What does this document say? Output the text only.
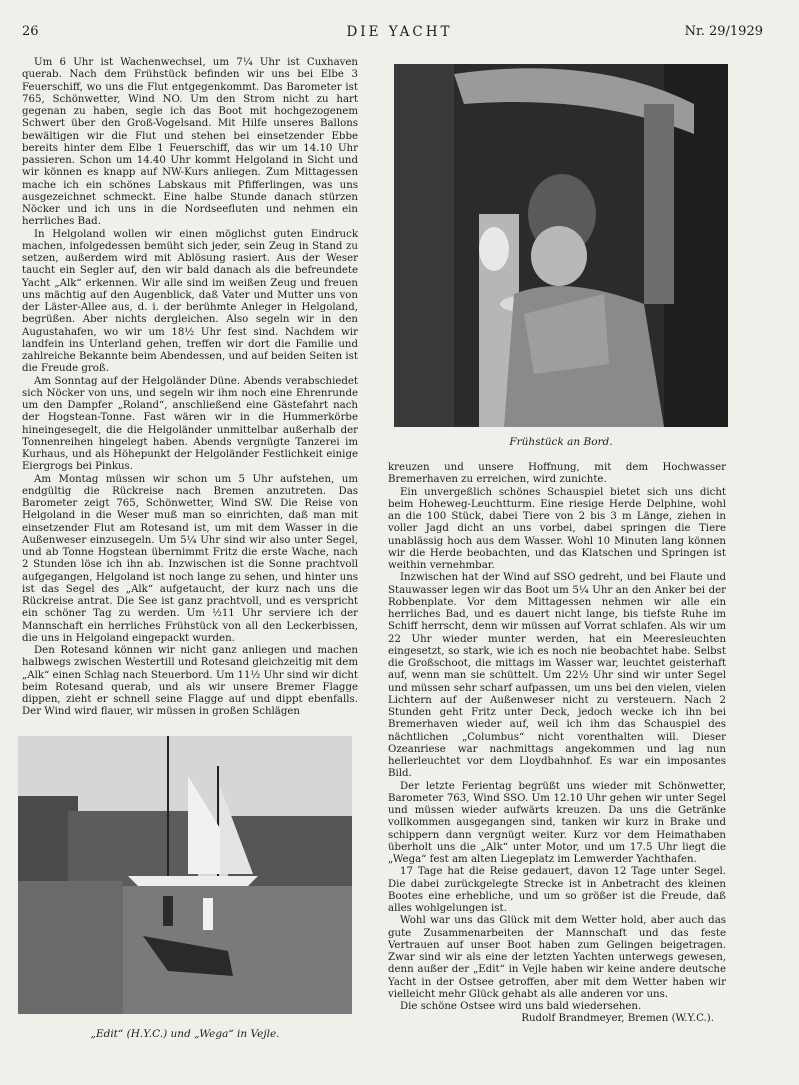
26	DIE YACHT	Nr. 29/1929

Um 6 Uhr ist Wachenwechsel, um 7¼ Uhr ist Cuxhaven querab. Nach dem Frühstück befinden wir uns bei Elbe 3 Feuerschiff, wo uns die Flut entgegenkommt. Das Barometer ist 765, Schönwetter, Wind NO. Um den Strom nicht zu hart gegenan zu haben, segle ich das Boot mit hochgezogenem Schwert über den Groß-Vogelsand. Mit Hilfe unseres Ballons bewältigen wir die Flut und stehen bei einsetzender Ebbe bereits hinter dem Elbe 1 Feuerschiff, das wir um 14.10 Uhr passieren. Schon um 14.40 Uhr kommt Helgoland in Sicht und wir können es knapp auf NW-Kurs anliegen. Zum Mittagessen mache ich ein schönes Labskaus mit Pfifferlingen, was uns ausgezeichnet schmeckt. Eine halbe Stunde danach stürzen Nöcker und ich uns in die Nordseefluten und nehmen ein herrliches Bad.

In Helgoland wollen wir einen möglichst guten Eindruck machen, infolgedessen bemüht sich jeder, sein Zeug in Stand zu setzen, außerdem wird mit Ablösung rasiert. Aus der Weser taucht ein Segler auf, den wir bald danach als die befreundete Yacht „Alk“ erkennen. Wir alle sind im weißen Zeug und freuen uns mächtig auf den Augenblick, daß Vater und Mutter uns von der Läster-Allee aus, d. i. der berühmte Anleger in Helgoland, begrüßen. Aber nichts dergleichen. Also segeln wir in den Augustahafen, wo wir um 18½ Uhr fest sind. Nachdem wir landfein ins Unterland gehen, treffen wir dort die Familie und zahlreiche Bekannte beim Abendessen, und auf beiden Seiten ist die Freude groß.

Am Sonntag auf der Helgoländer Düne. Abends verabschiedet sich Nöcker von uns, und segeln wir ihm noch eine Ehrenrunde um den Dampfer „Roland“, anschließend eine Gästefahrt nach der Hogstean-Tonne. Fast wären wir in die Hummerkörbe hineingesegelt, die die Helgoländer unmittelbar außerhalb der Tonnenreihen hingelegt haben. Abends vergnügte Tanzerei im Kurhaus, und als Höhepunkt der Helgoländer Festlichkeit einige Eiergrogs bei Pinkus.

Am Montag müssen wir schon um 5 Uhr aufstehen, um endgültig die Rückreise nach Bremen anzutreten. Das Barometer zeigt 765, Schönwetter, Wind SW. Die Reise von Helgoland in die Weser muß man so einrichten, daß man mit einsetzender Flut am Rotesand ist, um mit dem Wasser in die Außenweser einzusegeln. Um 5¼ Uhr sind wir also unter Segel, und ab Tonne Hogstean übernimmt Fritz die erste Wache, nach 2 Stunden löse ich ihn ab. Inzwischen ist die Sonne prachtvoll aufgegangen, Helgoland ist noch lange zu sehen, und hinter uns ist das Segel des „Alk“ aufgetaucht, der kurz nach uns die Rückreise antrat. Die See ist ganz prachtvoll, und es verspricht ein schöner Tag zu werden. Um ½11 Uhr serviere ich der Mannschaft ein herrliches Frühstück von all den Leckerbissen, die uns in Helgoland eingepackt wurden.

Den Rotesand können wir nicht ganz anliegen und machen halbwegs zwischen Westertill und Rotesand gleichzeitig mit dem „Alk“ einen Schlag nach Steuerbord. Um 11½ Uhr sind wir dicht beim Rotesand querab, und als wir unsere Bremer Flagge dippen, zieht er schnell seine Flagge auf und dippt ebenfalls. Der Wind wird flauer, wir müssen in großen Schlägen

Frühstück an Bord.

kreuzen und unsere Hoffnung, mit dem Hochwasser Bremerhaven zu erreichen, wird zunichte.

Ein unvergeßlich schönes Schauspiel bietet sich uns dicht beim Hoheweg-Leuchtturm. Eine riesige Herde Delphine, wohl an die 100 Stück, dabei Tiere von 2 bis 3 m Länge, ziehen in voller Jagd dicht an uns vorbei, dabei springen die Tiere unablässig hoch aus dem Wasser. Wohl 10 Minuten lang können wir die Herde beobachten, und das Klatschen und Springen ist weithin vernehmbar.

Inzwischen hat der Wind auf SSO gedreht, und bei Flaute und Stauwasser legen wir das Boot um 5¼ Uhr an den Anker bei der Robbenplate. Vor dem Mittagessen nehmen wir alle ein herrliches Bad, und es dauert nicht lange, bis tiefste Ruhe im Schiff herrscht, denn wir müssen auf Vorrat schlafen. Als wir um 22 Uhr wieder munter werden, hat ein Meeresleuchten eingesetzt, so stark, wie ich es noch nie beobachtet habe. Selbst die Großschoot, die mittags im Wasser war, leuchtet geisterhaft auf, wenn man sie schüttelt. Um 22½ Uhr sind wir unter Segel und müssen sehr scharf aufpassen, um uns bei den vielen, vielen Lichtern auf der Außenweser nicht zu versteuern. Nach 2 Stunden geht Fritz unter Deck, jedoch wecke ich ihn bei Bremerhaven wieder auf, weil ich ihm das Schauspiel des nächtlichen „Columbus“ nicht vorenthalten will. Dieser Ozeanriese war nachmittags angekommen und lag nun hellerleuchtet vor dem Lloydbahnhof. Es war ein imposantes Bild.

Der letzte Ferientag begrüßt uns wieder mit Schönwetter, Barometer 763, Wind SSO. Um 12.10 Uhr gehen wir unter Segel und müssen wieder aufwärts kreuzen. Da uns die Getränke vollkommen ausgegangen sind, tanken wir kurz in Brake und schippern dann vergnügt weiter. Kurz vor dem Heimathaben überholt uns die „Alk“ unter Motor, und um 17.5 Uhr liegt die „Wega“ fest am alten Liegeplatz im Lemwerder Yachthafen.

17 Tage hat die Reise gedauert, davon 12 Tage unter Segel. Die dabei zurückgelegte Strecke ist in Anbetracht des kleinen Bootes eine erhebliche, und um so größer ist die Freude, daß alles wohlgelungen ist.

Wohl war uns das Glück mit dem Wetter hold, aber auch das gute Zusammenarbeiten der Mannschaft und das feste Vertrauen auf unser Boot haben zum Gelingen beigetragen. Zwar sind wir als eine der letzten Yachten unterwegs gewesen, denn außer der „Edit“ in Vejle haben wir keine andere deutsche Yacht in der Ostsee getroffen, aber mit dem Wetter haben wir vielleicht mehr Glück gehabt als alle anderen vor uns.

Die schöne Ostsee wird uns bald wiedersehen.

Rudolf Brandmeyer, Bremen (W.Y.C.).

„Edit“ (H.Y.C.) und „Wega“ in Vejle.
